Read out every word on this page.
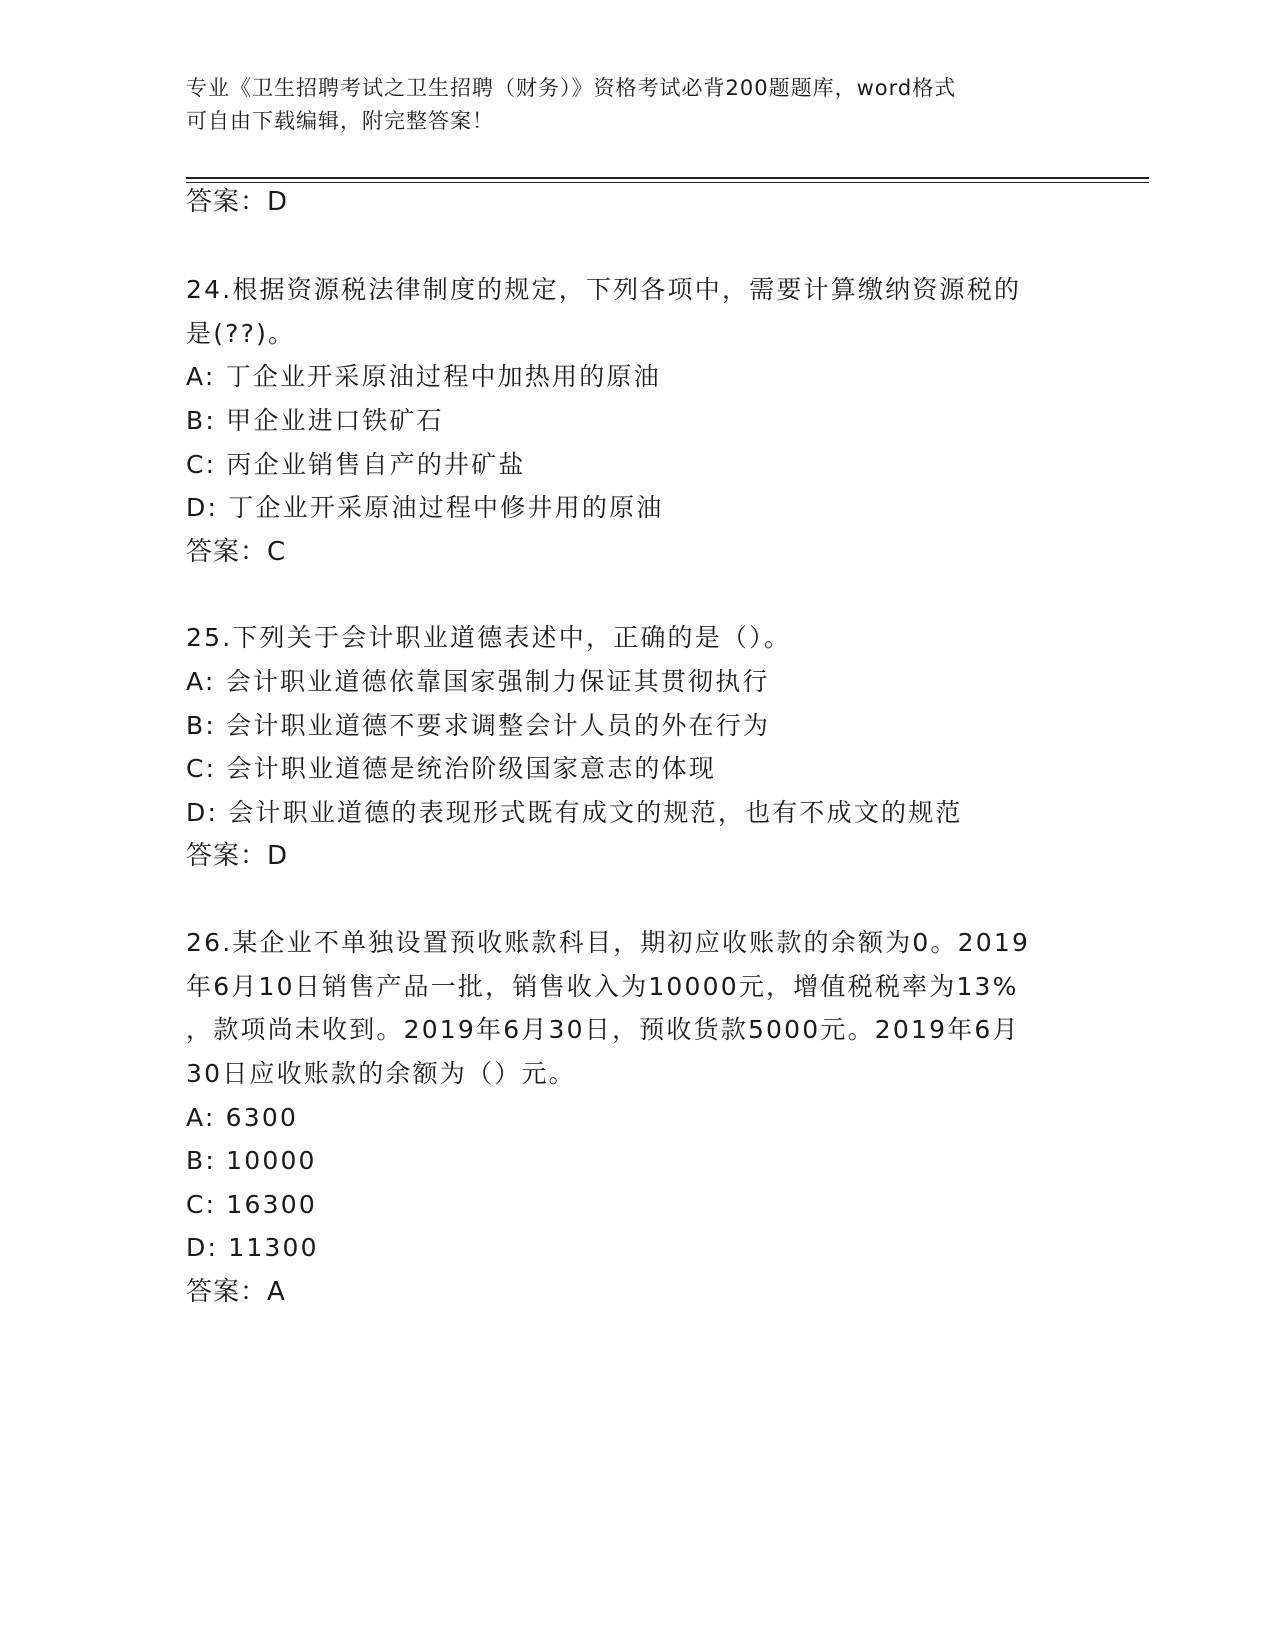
专业《卫生招聘考试之卫生招聘（财务）》资格考试必背200题题库，word格式
可自由下载编辑，附完整答案！
答案：D
24.根据资源税法律制度的规定，下列各项中，需要计算缴纳资源税的
是(??)。
A: 丁企业开采原油过程中加热用的原油
B: 甲企业进口铁矿石
C: 丙企业销售自产的井矿盐
D: 丁企业开采原油过程中修井用的原油
答案：C
25.下列关于会计职业道德表述中，正确的是（）。
A: 会计职业道德依靠国家强制力保证其贯彻执行
B: 会计职业道德不要求调整会计人员的外在行为
C: 会计职业道德是统治阶级国家意志的体现
D: 会计职业道德的表现形式既有成文的规范，也有不成文的规范
答案：D
26.某企业不单独设置预收账款科目，期初应收账款的余额为0。2019
年6月10日销售产品一批，销售收入为10000元，增值税税率为13%
，款项尚未收到。2019年6月30日，预收货款5000元。2019年6月
30日应收账款的余额为（）元。
A: 6300
B: 10000
C: 16300
D: 11300
答案：A
